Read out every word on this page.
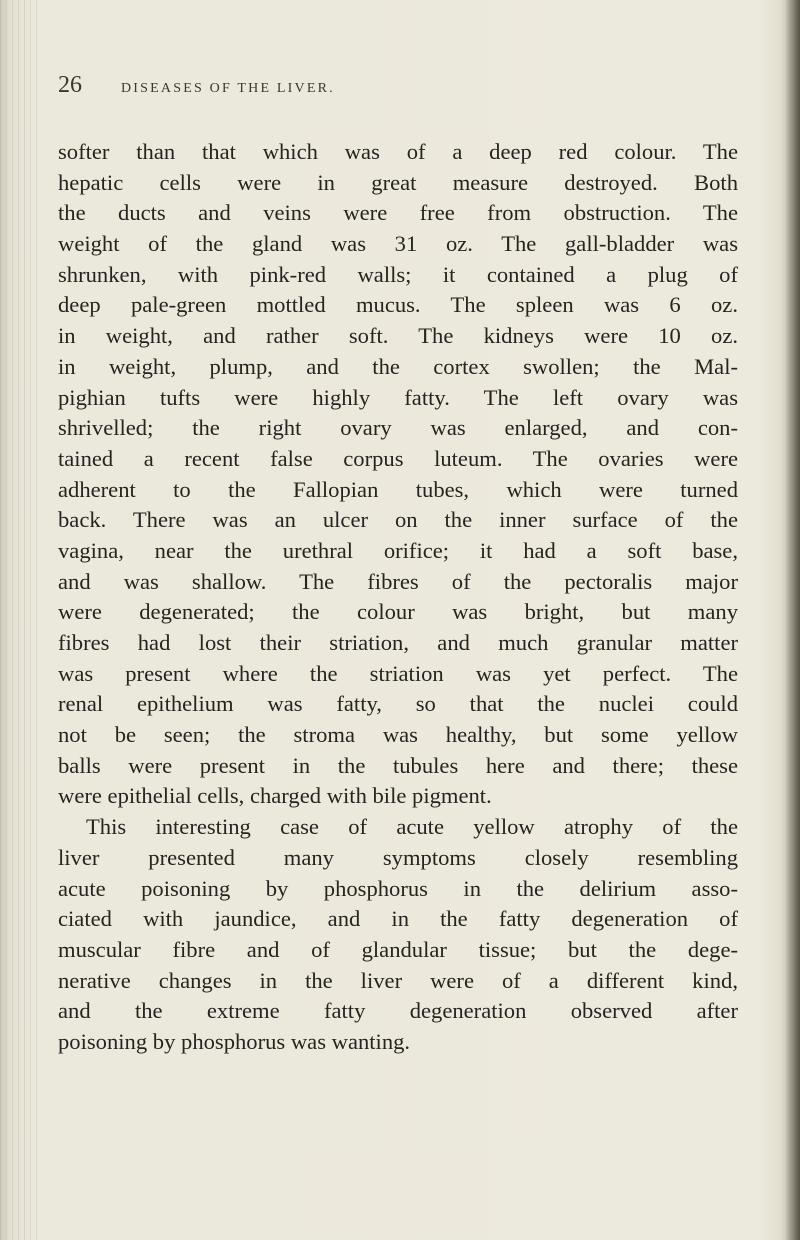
26	DISEASES OF THE LIVER.
softer than that which was of a deep red colour. The
hepatic cells were in great measure destroyed. Both
the ducts and veins were free from obstruction. The
weight of the gland was 31 oz. The gall-bladder was
shrunken, with pink-red walls; it contained a plug of
deep pale-green mottled mucus. The spleen was 6 oz.
in weight, and rather soft. The kidneys were 10 oz.
in weight, plump, and the cortex swollen; the Mal-
pighian tufts were highly fatty. The left ovary was
shrivelled; the right ovary was enlarged, and con-
tained a recent false corpus luteum. The ovaries were
adherent to the Fallopian tubes, which were turned
back. There was an ulcer on the inner surface of the
vagina, near the urethral orifice; it had a soft base,
and was shallow. The fibres of the pectoralis major
were degenerated; the colour was bright, but many
fibres had lost their striation, and much granular matter
was present where the striation was yet perfect. The
renal epithelium was fatty, so that the nuclei could
not be seen; the stroma was healthy, but some yellow
balls were present in the tubules here and there; these
were epithelial cells, charged with bile pigment.
This interesting case of acute yellow atrophy of the
liver presented many symptoms closely resembling
acute poisoning by phosphorus in the delirium asso-
ciated with jaundice, and in the fatty degeneration of
muscular fibre and of glandular tissue; but the dege-
nerative changes in the liver were of a different kind,
and the extreme fatty degeneration observed after
poisoning by phosphorus was wanting.
